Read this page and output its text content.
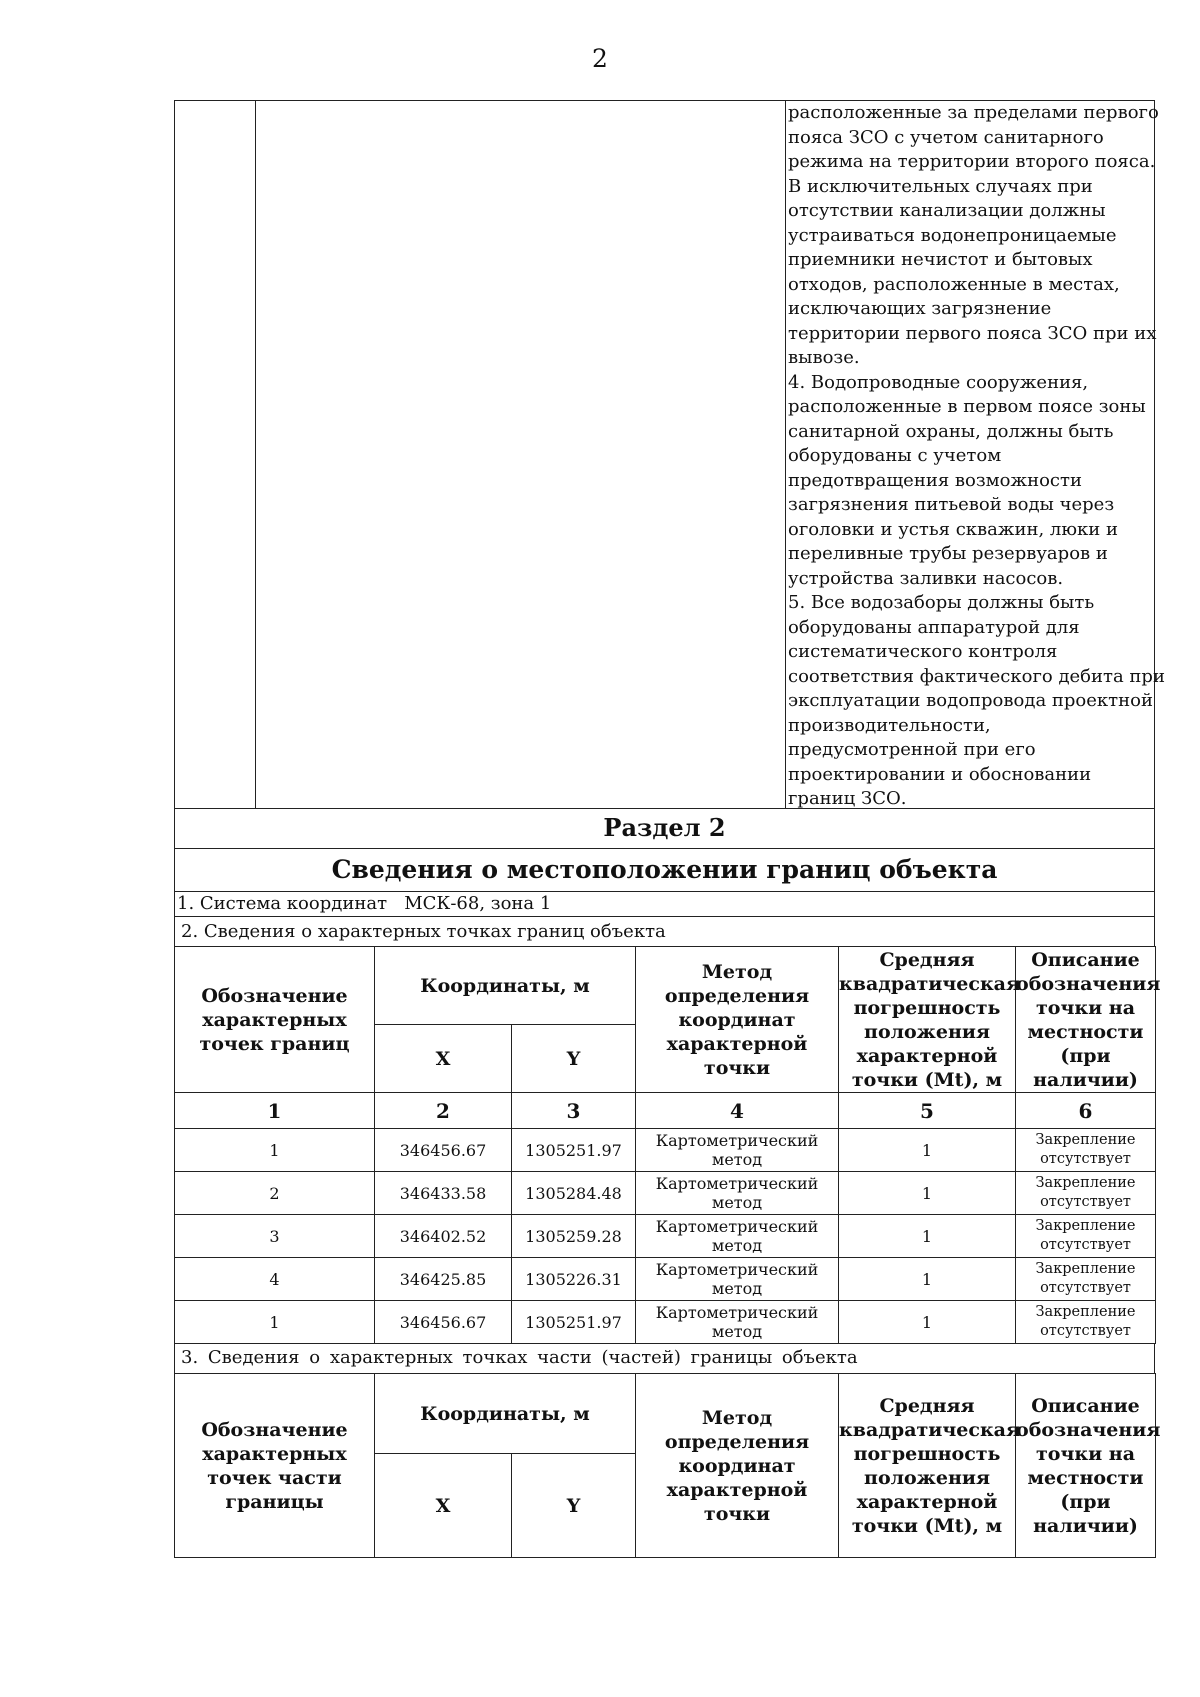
2
расположенные за пределами первого
пояса ЗСО с учетом санитарного
режима на территории второго пояса.
В исключительных случаях при
отсутствии канализации должны
устраиваться водонепроницаемые
приемники нечистот и бытовых
отходов, расположенные в местах,
исключающих загрязнение
территории первого пояса ЗСО при их
вывозе.
4. Водопроводные сооружения,
расположенные в первом поясе зоны
санитарной охраны, должны быть
оборудованы с учетом
предотвращения возможности
загрязнения питьевой воды через
оголовки и устья скважин, люки и
переливные трубы резервуаров и
устройства заливки насосов.
5. Все водозаборы должны быть
оборудованы аппаратурой для
систематического контроля
соответствия фактического дебита при
эксплуатации водопровода проектной
производительности,
предусмотренной при его
проектировании и обосновании
границ ЗСО.
Раздел 2
Сведения о местоположении границ объекта
1. Система координат МСК-68, зона 1
2. Сведения о характерных точках границ объекта
Обозначение характерных точек границ	Координаты, м		Метод определения координат характерной точки	Средняя квадратическая погрешность положения характерной точки (Mt), м	Описание обозначения точки на местности (при наличии)
	X	Y			
1	2	3	4	5	6
1	346456.67	1305251.97	Картометрический метод	1	Закрепление отсутствует
2	346433.58	1305284.48	Картометрический метод	1	Закрепление отсутствует
3	346402.52	1305259.28	Картометрический метод	1	Закрепление отсутствует
4	346425.85	1305226.31	Картометрический метод	1	Закрепление отсутствует
1	346456.67	1305251.97	Картометрический метод	1	Закрепление отсутствует
3. Сведения о характерных точках части (частей) границы объекта
Обозначение характерных точек части границы	Координаты, м		Метод определения координат характерной точки	Средняя квадратическая погрешность положения характерной точки (Mt), м	Описание обозначения точки на местности (при наличии)
	X	Y			
